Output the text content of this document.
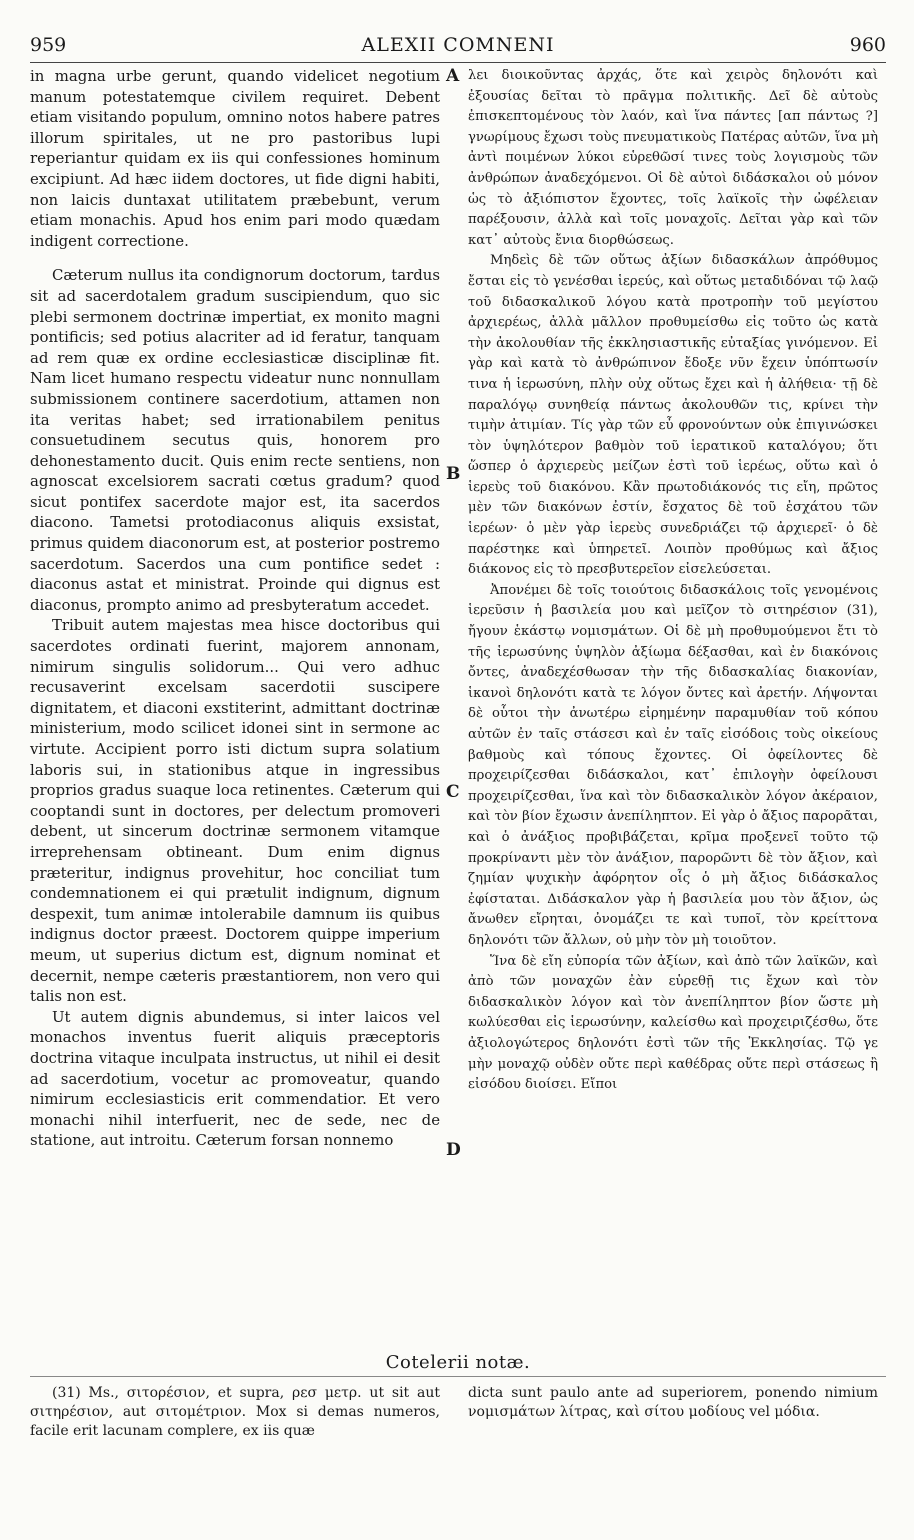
959	ALEXII COMNENI	960

in magna urbe gerunt, quando videlicet negotium manum potestatemque civilem requiret. Debent etiam visitando populum, omnino notos habere patres illorum spiritales, ut ne pro pastoribus lupi reperiantur quidam ex iis qui confessiones hominum excipiunt. Ad hæc iidem doctores, ut fide digni habiti, non laicis duntaxat utilitatem præbebunt, verum etiam monachis. Apud hos enim pari modo quædam indigent correctione.

Cæterum nullus ita condignorum doctorum, tardus sit ad sacerdotalem gradum suscipiendum, quo sic plebi sermonem doctrinæ impertiat, ex monito magni pontificis; sed potius alacriter ad id feratur, tanquam ad rem quæ ex ordine ecclesiasticæ disciplinæ fit. Nam licet humano respectu videatur nunc nonnullam submissionem continere sacerdotium, attamen non ita veritas habet; sed irrationabilem penitus consuetudinem secutus quis, honorem pro dehonestamento ducit. Quis enim recte sentiens, non agnoscat excelsiorem sacrati cœtus gradum? quod sicut pontifex sacerdote major est, ita sacerdos diacono. Tametsi protodiaconus aliquis exsistat, primus quidem diaconorum est, at posterior postremo sacerdotum. Sacerdos una cum pontifice sedet : diaconus astat et ministrat. Proinde qui dignus est diaconus, prompto animo ad presbyteratum accedet.

Tribuit autem majestas mea hisce doctoribus qui sacerdotes ordinati fuerint, majorem annonam, nimirum singulis solidorum... Qui vero adhuc recusaverint excelsam sacerdotii suscipere dignitatem, et diaconi exstiterint, admittant doctrinæ ministerium, modo scilicet idonei sint in sermone ac virtute. Accipient porro isti dictum supra solatium laboris sui, in stationibus atque in ingressibus proprios gradus suaque loca retinentes. Cæterum qui cooptandi sunt in doctores, per delectum promoveri debent, ut sincerum doctrinæ sermonem vitamque irreprehensam obtineant. Dum enim dignus præteritur, indignus provehitur, hoc conciliat tum condemnationem ei qui prætulit indignum, dignum despexit, tum animæ intolerabile damnum iis quibus indignus doctor præest. Doctorem quippe imperium meum, ut superius dictum est, dignum nominat et decernit, nempe cæteris præstantiorem, non vero qui talis non est.

Ut autem dignis abundemus, si inter laicos vel monachos inventus fuerit aliquis præceptoris doctrina vitaque inculpata instructus, ut nihil ei desit ad sacerdotium, vocetur ac promoveatur, quando nimirum ecclesiasticis erit commendatior. Et vero monachi nihil interfuerit, nec de sede, nec de statione, aut introitu. Cæterum forsan nonnemo

A
B
C
D

λει διοικοῦντας ἀρχάς, ὅτε καὶ χειρὸς δηλονότι καὶ ἐξουσίας δεῖται τὸ πρᾶγμα πολιτικῆς. Δεῖ δὲ αὐτοὺς ἐπισκεπτομένους τὸν λαόν, καὶ ἵνα πάντες [απ πάντως ?] γνωρίμους ἔχωσι τοὺς πνευματικοὺς Πατέρας αὐτῶν, ἵνα μὴ ἀντὶ ποιμένων λύκοι εὑρεθῶσί τινες τοὺς λογισμοὺς τῶν ἀνθρώπων ἀναδεχόμενοι. Οἱ δὲ αὐτοὶ διδάσκαλοι οὐ μόνον ὡς τὸ ἀξιόπιστον ἔχοντες, τοῖς λαϊκοῖς τὴν ὠφέλειαν παρέξουσιν, ἀλλὰ καὶ τοῖς μοναχοῖς. Δεῖται γὰρ καὶ τῶν κατ᾽ αὐτοὺς ἔνια διορθώσεως.

Μηδεὶς δὲ τῶν οὕτως ἀξίων διδασκάλων ἀπρόθυμος ἔσται εἰς τὸ γενέσθαι ἱερεύς, καὶ οὕτως μεταδιδόναι τῷ λαῷ τοῦ διδασκαλικοῦ λόγου κατὰ προτροπὴν τοῦ μεγίστου ἀρχιερέως, ἀλλὰ μᾶλλον προθυμείσθω εἰς τοῦτο ὡς κατὰ τὴν ἀκολουθίαν τῆς ἐκκλησιαστικῆς εὐταξίας γινόμενον. Εἰ γὰρ καὶ κατὰ τὸ ἀνθρώπινον ἔδοξε νῦν ἔχειν ὑπόπτωσίν τινα ἡ ἱερωσύνη, πλὴν οὐχ οὕτως ἔχει καὶ ἡ ἀλήθεια· τῇ δὲ παραλόγῳ συνηθείᾳ πάντως ἀκολουθῶν τις, κρίνει τὴν τιμὴν ἀτιμίαν. Τίς γὰρ τῶν εὖ φρονούντων οὐκ ἐπιγινώσκει τὸν ὑψηλότερον βαθμὸν τοῦ ἱερατικοῦ καταλόγου; ὅτι ὥσπερ ὁ ἀρχιερεὺς μείζων ἐστὶ τοῦ ἱερέως, οὕτω καὶ ὁ ἱερεὺς τοῦ διακόνου. Κἂν πρωτοδιάκονός τις εἴη, πρῶτος μὲν τῶν διακόνων ἐστίν, ἔσχατος δὲ τοῦ ἐσχάτου τῶν ἱερέων· ὁ μὲν γὰρ ἱερεὺς συνεδριάζει τῷ ἀρχιερεῖ· ὁ δὲ παρέστηκε καὶ ὑπηρετεῖ. Λοιπὸν προθύμως καὶ ἄξιος διάκονος εἰς τὸ πρεσβυτερεῖον εἰσελεύσεται.

Ἀπονέμει δὲ τοῖς τοιούτοις διδασκάλοις τοῖς γενομένοις ἱερεῦσιν ἡ βασιλεία μου καὶ μεῖζον τὸ σιτηρέσιον (31), ἤγουν ἑκάστῳ νομισμάτων. Οἱ δὲ μὴ προθυμούμενοι ἔτι τὸ τῆς ἱερωσύνης ὑψηλὸν ἀξίωμα δέξασθαι, καὶ ἐν διακόνοις ὄντες, ἀναδεχέσθωσαν τὴν τῆς διδασκαλίας διακονίαν, ἱκανοὶ δηλονότι κατὰ τε λόγον ὄντες καὶ ἀρετήν. Λήψονται δὲ οὗτοι τὴν ἀνωτέρω εἰρημένην παραμυθίαν τοῦ κόπου αὐτῶν ἐν ταῖς στάσεσι καὶ ἐν ταῖς εἰσόδοις τοὺς οἰκείους βαθμοὺς καὶ τόπους ἔχοντες. Οἱ ὀφείλοντες δὲ προχειρίζεσθαι διδάσκαλοι, κατ᾽ ἐπιλογὴν ὀφείλουσι προχειρίζεσθαι, ἵνα καὶ τὸν διδασκαλικὸν λόγον ἀκέραιον, καὶ τὸν βίον ἔχωσιν ἀνεπίληπτον. Εἰ γὰρ ὁ ἄξιος παρορᾶται, καὶ ὁ ἀνάξιος προβιβάζεται, κρῖμα προξενεῖ τοῦτο τῷ προκρίναντι μὲν τὸν ἀνάξιον, παρορῶντι δὲ τὸν ἄξιον, καὶ ζημίαν ψυχικὴν ἀφόρητον οἷς ὁ μὴ ἄξιος διδάσκαλος ἐφίσταται. Διδάσκαλον γὰρ ἡ βασιλεία μου τὸν ἄξιον, ὡς ἄνωθεν εἴρηται, ὀνομάζει τε καὶ τυποῖ, τὸν κρείττονα δηλονότι τῶν ἄλλων, οὐ μὴν τὸν μὴ τοιοῦτον.

Ἵνα δὲ εἴη εὐπορία τῶν ἀξίων, καὶ ἀπὸ τῶν λαϊκῶν, καὶ ἀπὸ τῶν μοναχῶν ἐὰν εὑρεθῇ τις ἔχων καὶ τὸν διδασκαλικὸν λόγον καὶ τὸν ἀνεπίληπτον βίον ὥστε μὴ κωλύεσθαι εἰς ἱερωσύνην, καλείσθω καὶ προχειριζέσθω, ὅτε ἀξιολογώτερος δηλονότι ἐστὶ τῶν τῆς Ἐκκλησίας. Τῷ γε μὴν μοναχῷ οὐδὲν οὔτε περὶ καθέδρας οὔτε περὶ στάσεως ἢ εἰσόδου διοίσει. Εἴποι

Cotelerii notæ.

(31) Ms., σιτορέσιον, et supra, ρεσ μετρ. ut sit aut σιτηρέσιον, aut σιτομέτριον. Mox si demas numeros, facile erit lacunam complere, ex iis quæ

dicta sunt paulo ante ad superiorem, ponendo nimium νομισμάτων λίτρας, καὶ σίτου μοδίους vel μόδια.
